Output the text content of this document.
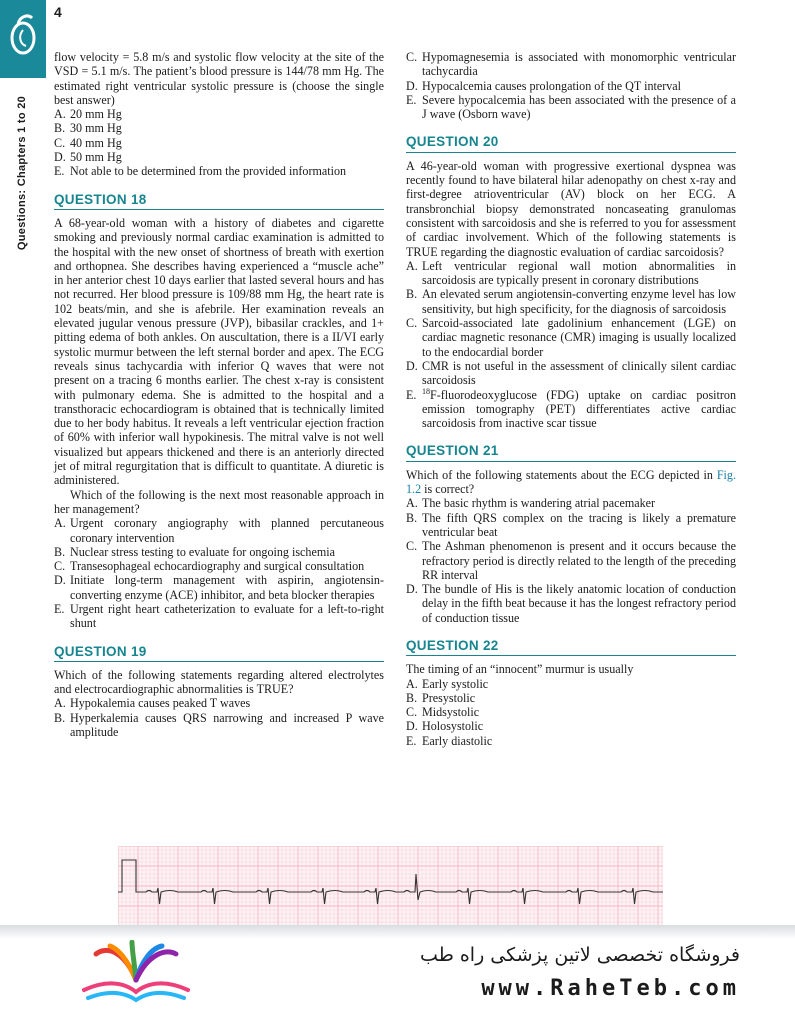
Questions: Chapters 1 to 20
4

flow velocity = 5.8 m/s and systolic flow velocity at the site of the VSD = 5.1 m/s. The patient’s blood pressure is 144/78 mm Hg. The estimated right ventricular systolic pressure is (choose the single best answer)

A. 20 mm Hg
B. 30 mm Hg
C. 40 mm Hg
D. 50 mm Hg
E. Not able to be determined from the provided information
QUESTION 18

A 68-year-old woman with a history of diabetes and cigarette smoking and previously normal cardiac examination is admitted to the hospital with the new onset of shortness of breath with exertion and orthopnea. She describes having experienced a “muscle ache” in her anterior chest 10 days earlier that lasted several hours and has not recurred. Her blood pressure is 109/88 mm Hg, the heart rate is 102 beats/min, and she is afebrile. Her examination reveals an elevated jugular venous pressure (JVP), bibasilar crackles, and 1+ pitting edema of both ankles. On auscultation, there is a II/VI early systolic murmur between the left sternal border and apex. The ECG reveals sinus tachycardia with inferior Q waves that were not present on a tracing 6 months earlier. The chest x-ray is consistent with pulmonary edema. She is admitted to the hospital and a transthoracic echocardiogram is obtained that is technically limited due to her body habitus. It reveals a left ventricular ejection fraction of 60% with inferior wall hypokinesis. The mitral valve is not well visualized but appears thickened and there is an anteriorly directed jet of mitral regurgitation that is difficult to quantitate. A diuretic is administered.

Which of the following is the next most reasonable approach in her management?

A. Urgent coronary angiography with planned percutaneous coronary intervention
B. Nuclear stress testing to evaluate for ongoing ischemia
C. Transesophageal echocardiography and surgical consultation
D. Initiate long-term management with aspirin, angiotensin-converting enzyme (ACE) inhibitor, and beta blocker therapies
E. Urgent right heart catheterization to evaluate for a left-to-right shunt
QUESTION 19

Which of the following statements regarding altered electrolytes and electrocardiographic abnormalities is TRUE?

A. Hypokalemia causes peaked T waves
B. Hyperkalemia causes QRS narrowing and increased P wave amplitude
C. Hypomagnesemia is associated with monomorphic ventricular tachycardia
D. Hypocalcemia causes prolongation of the QT interval
E. Severe hypocalcemia has been associated with the presence of a J wave (Osborn wave)
QUESTION 20

A 46-year-old woman with progressive exertional dyspnea was recently found to have bilateral hilar adenopathy on chest x-ray and first-degree atrioventricular (AV) block on her ECG. A transbronchial biopsy demonstrated noncaseating granulomas consistent with sarcoidosis and she is referred to you for assessment of cardiac involvement. Which of the following statements is TRUE regarding the diagnostic evaluation of cardiac sarcoidosis?

A. Left ventricular regional wall motion abnormalities in sarcoidosis are typically present in coronary distributions
B. An elevated serum angiotensin-converting enzyme level has low sensitivity, but high specificity, for the diagnosis of sarcoidosis
C. Sarcoid-associated late gadolinium enhancement (LGE) on cardiac magnetic resonance (CMR) imaging is usually localized to the endocardial border
D. CMR is not useful in the assessment of clinically silent cardiac sarcoidosis
E. $^{18}$F-fluorodeoxyglucose (FDG) uptake on cardiac positron emission tomography (PET) differentiates active cardiac sarcoidosis from inactive scar tissue
QUESTION 21

Which of the following statements about the ECG depicted in Fig. 1.2 is correct?

A. The basic rhythm is wandering atrial pacemaker
B. The fifth QRS complex on the tracing is likely a premature ventricular beat
C. The Ashman phenomenon is present and it occurs because the refractory period is directly related to the length of the preceding RR interval
D. The bundle of His is the likely anatomic location of conduction delay in the fifth beat because it has the longest refractory period of conduction tissue
QUESTION 22

The timing of an “innocent” murmur is usually

A. Early systolic
B. Presystolic
C. Midsystolic
D. Holosystolic
E. Early diastolic
فروشگاه تخصصی لاتین پزشکی راه طب
www.RaheTeb.com
